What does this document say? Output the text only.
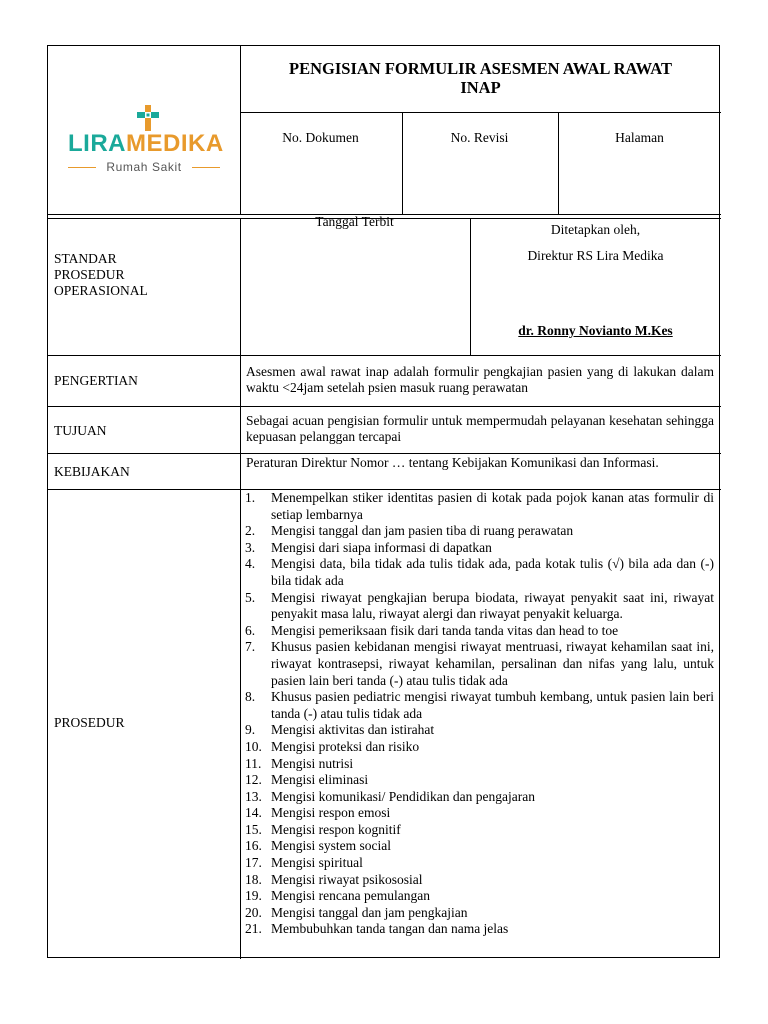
LIRAMEDIKA
Rumah Sakit
PENGISIAN FORMULIR ASESMEN AWAL RAWAT INAP
No. Dokumen	No. Revisi	Halaman
STANDAR PROSEDUR OPERASIONAL
Tanggal Terbit
Ditetapkan oleh,
Direktur RS Lira Medika
dr. Ronny Novianto M.Kes
PENGERTIAN
Asesmen awal rawat inap adalah formulir pengkajian pasien yang di lakukan dalam waktu <24jam setelah psien masuk ruang perawatan
TUJUAN
Sebagai acuan pengisian formulir untuk mempermudah pelayanan kesehatan sehingga kepuasan pelanggan tercapai
KEBIJAKAN
Peraturan Direktur Nomor … tentang Kebijakan Komunikasi dan Informasi.
PROSEDUR
1. Menempelkan stiker identitas pasien di kotak pada pojok kanan atas formulir di setiap lembarnya
2. Mengisi tanggal dan jam pasien tiba di ruang perawatan
3. Mengisi dari siapa informasi di dapatkan
4. Mengisi data, bila tidak ada tulis tidak ada, pada kotak tulis (√) bila ada dan (-) bila tidak ada
5. Mengisi riwayat pengkajian berupa biodata, riwayat penyakit saat ini, riwayat penyakit masa lalu, riwayat alergi dan riwayat penyakit keluarga.
6. Mengisi pemeriksaan fisik dari tanda tanda vitas dan head to toe
7. Khusus pasien kebidanan mengisi riwayat mentruasi, riwayat kehamilan saat ini, riwayat kontrasepsi, riwayat kehamilan, persalinan dan nifas yang lalu, untuk pasien lain beri tanda (-) atau tulis tidak ada
8. Khusus pasien pediatric mengisi riwayat tumbuh kembang, untuk pasien lain beri tanda (-) atau tulis tidak ada
9. Mengisi aktivitas dan istirahat
10. Mengisi proteksi dan risiko
11. Mengisi nutrisi
12. Mengisi eliminasi
13. Mengisi komunikasi/ Pendidikan dan pengajaran
14. Mengisi respon emosi
15. Mengisi respon kognitif
16. Mengisi system social
17. Mengisi spiritual
18. Mengisi riwayat psikososial
19. Mengisi rencana pemulangan
20. Mengisi tanggal dan jam pengkajian
21. Membubuhkan tanda tangan dan nama jelas
